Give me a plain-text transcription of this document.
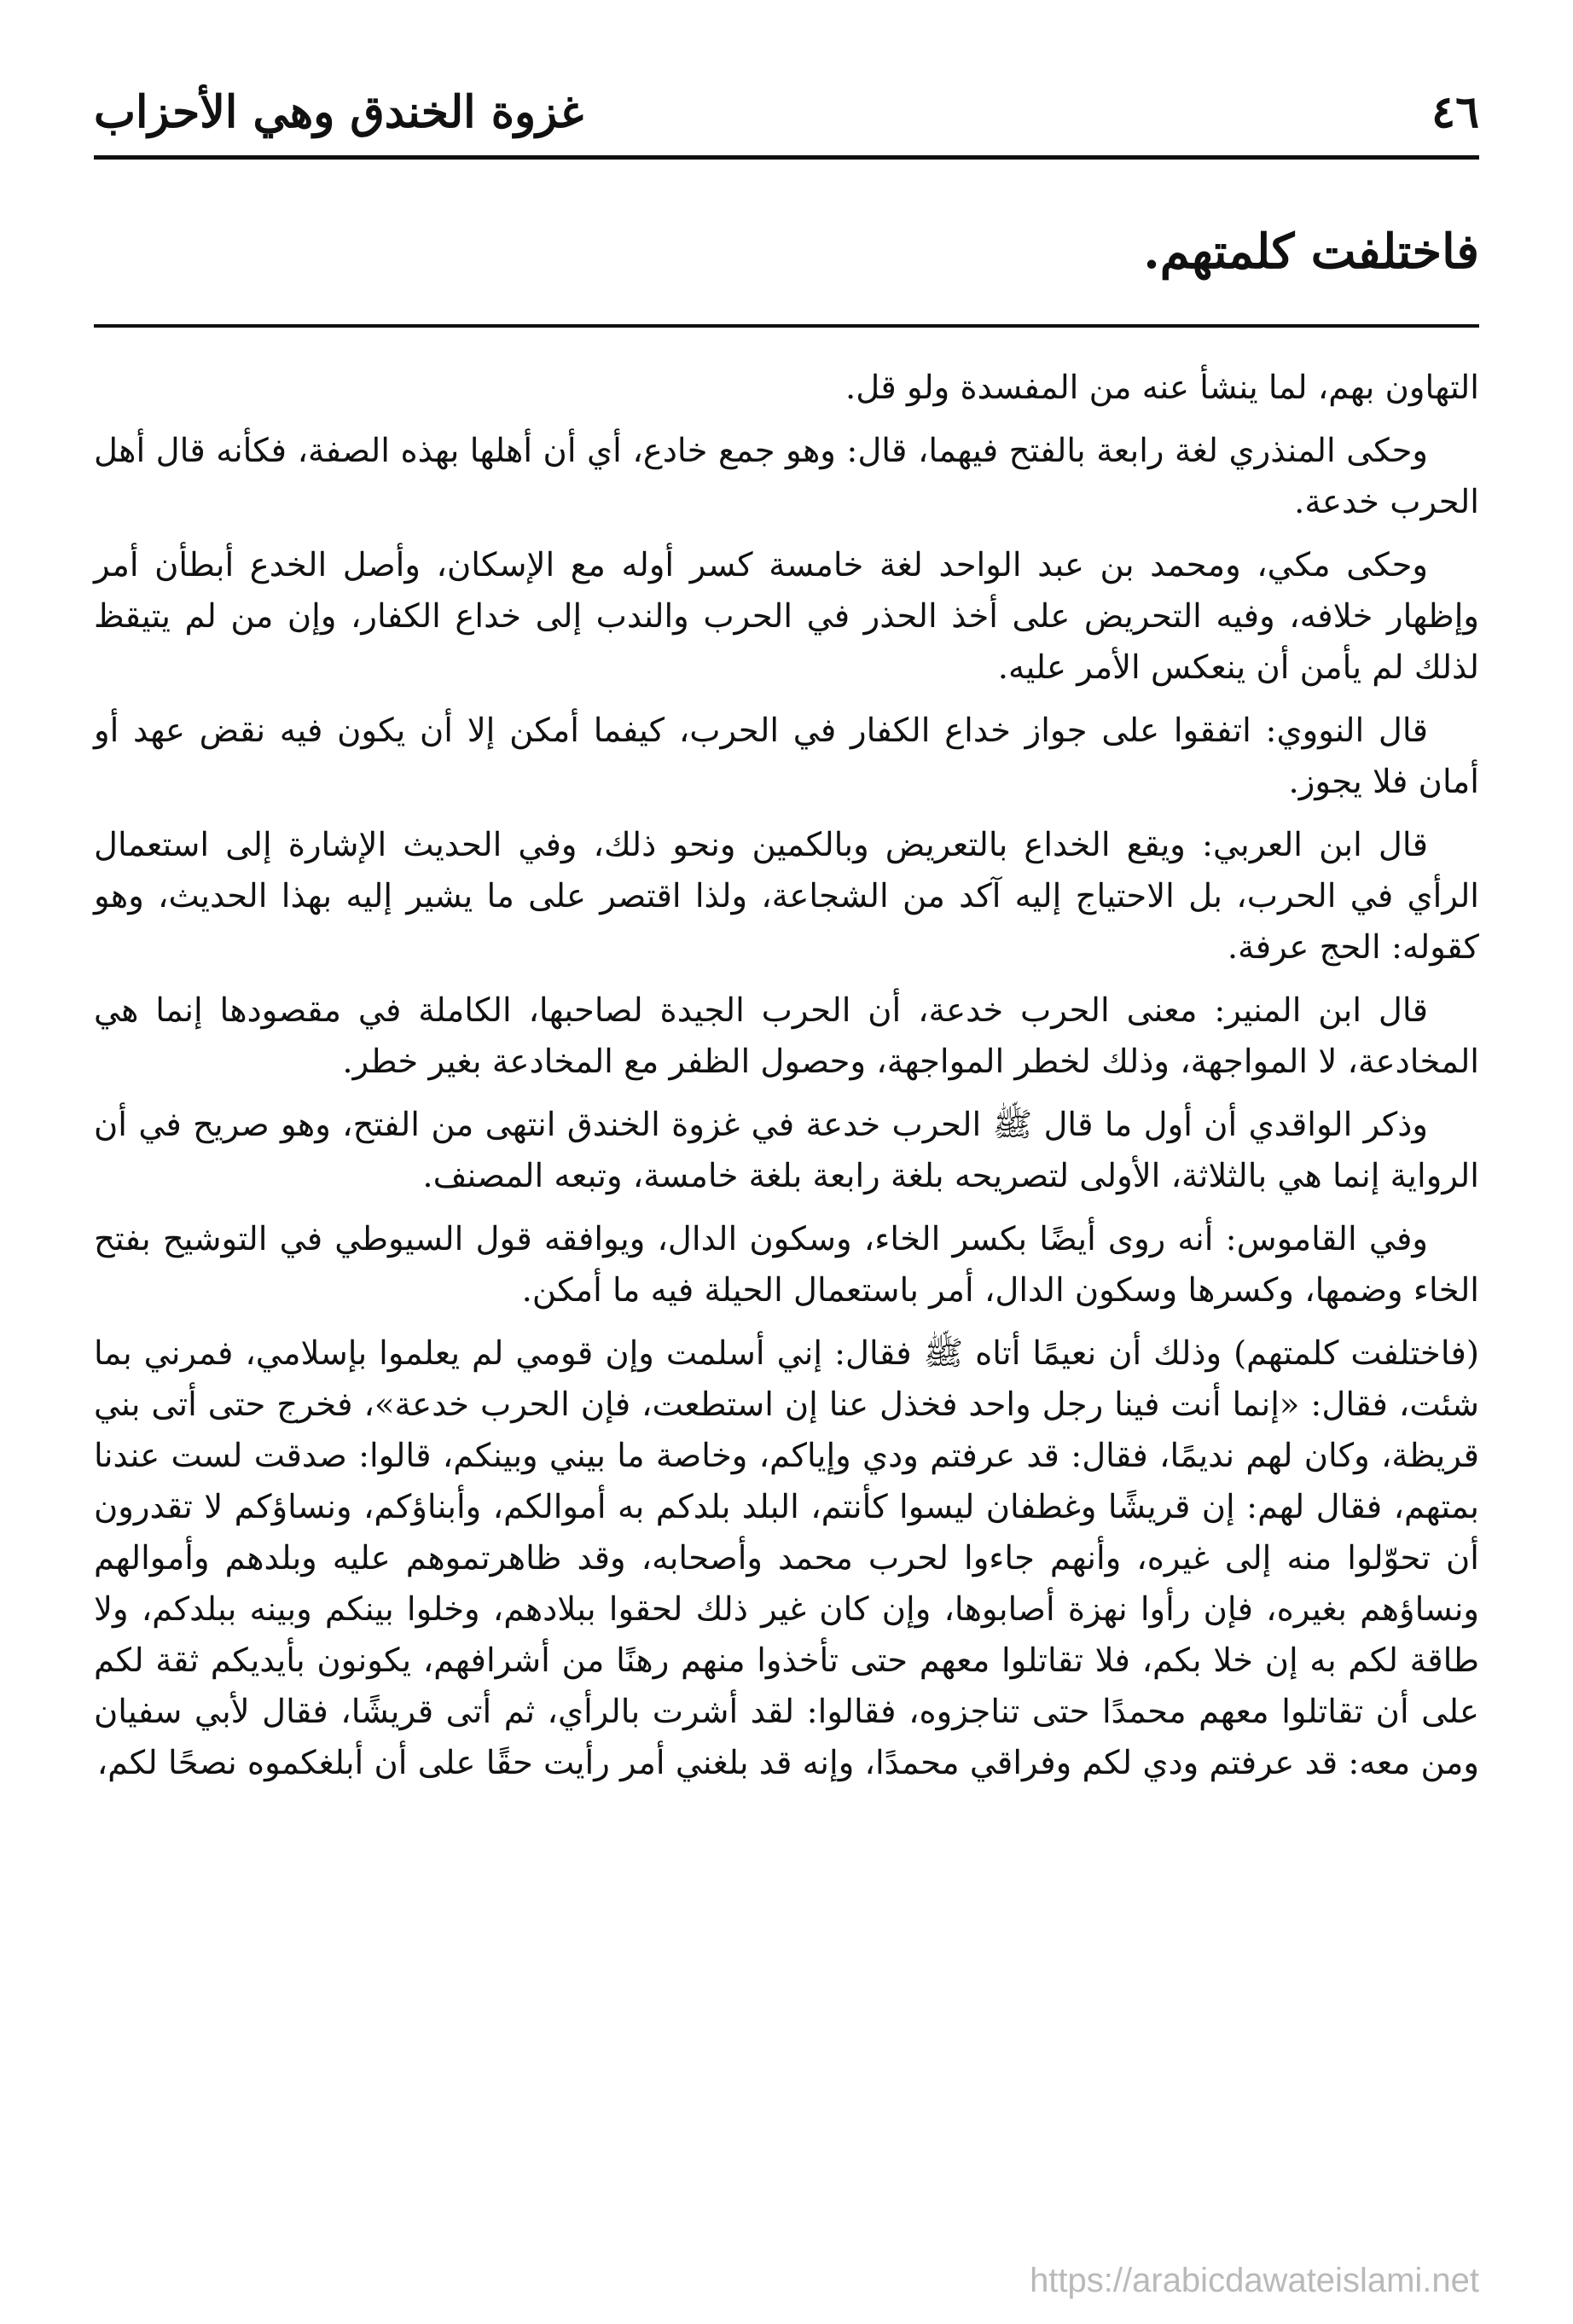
٤٦
غزوة الخندق وهي الأحزاب
فاختلفت كلمتهم.

التهاون بهم، لما ينشأ عنه من المفسدة ولو قل.

وحكى المنذري لغة رابعة بالفتح فيهما، قال: وهو جمع خادع، أي أن أهلها بهذه الصفة، فكأنه قال أهل الحرب خدعة.

وحكى مكي، ومحمد بن عبد الواحد لغة خامسة كسر أوله مع الإسكان، وأصل الخدع أبطأن أمر وإظهار خلافه، وفيه التحريض على أخذ الحذر في الحرب والندب إلى خداع الكفار، وإن من لم يتيقظ لذلك لم يأمن أن ينعكس الأمر عليه.

قال النووي: اتفقوا على جواز خداع الكفار في الحرب، كيفما أمكن إلا أن يكون فيه نقض عهد أو أمان فلا يجوز.

قال ابن العربي: ويقع الخداع بالتعريض وبالكمين ونحو ذلك، وفي الحديث الإشارة إلى استعمال الرأي في الحرب، بل الاحتياج إليه آكد من الشجاعة، ولذا اقتصر على ما يشير إليه بهذا الحديث، وهو كقوله: الحج عرفة.

قال ابن المنير: معنى الحرب خدعة، أن الحرب الجيدة لصاحبها، الكاملة في مقصودها إنما هي المخادعة، لا المواجهة، وذلك لخطر المواجهة، وحصول الظفر مع المخادعة بغير خطر.

وذكر الواقدي أن أول ما قال ﷺ الحرب خدعة في غزوة الخندق انتهى من الفتح، وهو صريح في أن الرواية إنما هي بالثلاثة، الأولى لتصريحه بلغة رابعة بلغة خامسة، وتبعه المصنف.

وفي القاموس: أنه روى أيضًا بكسر الخاء، وسكون الدال، ويوافقه قول السيوطي في التوشيح بفتح الخاء وضمها، وكسرها وسكون الدال، أمر باستعمال الحيلة فيه ما أمكن.

(فاختلفت كلمتهم) وذلك أن نعيمًا أتاه ﷺ فقال: إني أسلمت وإن قومي لم يعلموا بإسلامي، فمرني بما شئت، فقال: «إنما أنت فينا رجل واحد فخذل عنا إن استطعت، فإن الحرب خدعة»، فخرج حتى أتى بني قريظة، وكان لهم نديمًا، فقال: قد عرفتم ودي وإياكم، وخاصة ما بيني وبينكم، قالوا: صدقت لست عندنا بمتهم، فقال لهم: إن قريشًا وغطفان ليسوا كأنتم، البلد بلدكم به أموالكم، وأبناؤكم، ونساؤكم لا تقدرون أن تحوّلوا منه إلى غيره، وأنهم جاءوا لحرب محمد وأصحابه، وقد ظاهرتموهم عليه وبلدهم وأموالهم ونساؤهم بغيره، فإن رأوا نهزة أصابوها، وإن كان غير ذلك لحقوا ببلادهم، وخلوا بينكم وبينه ببلدكم، ولا طاقة لكم به إن خلا بكم، فلا تقاتلوا معهم حتى تأخذوا منهم رهنًا من أشرافهم، يكونون بأيديكم ثقة لكم على أن تقاتلوا معهم محمدًا حتى تناجزوه، فقالوا: لقد أشرت بالرأي، ثم أتى قريشًا، فقال لأبي سفيان ومن معه: قد عرفتم ودي لكم وفراقي محمدًا، وإنه قد بلغني أمر رأيت حقًا على أن أبلغكموه نصحًا لكم،

https://arabicdawateislami.net
